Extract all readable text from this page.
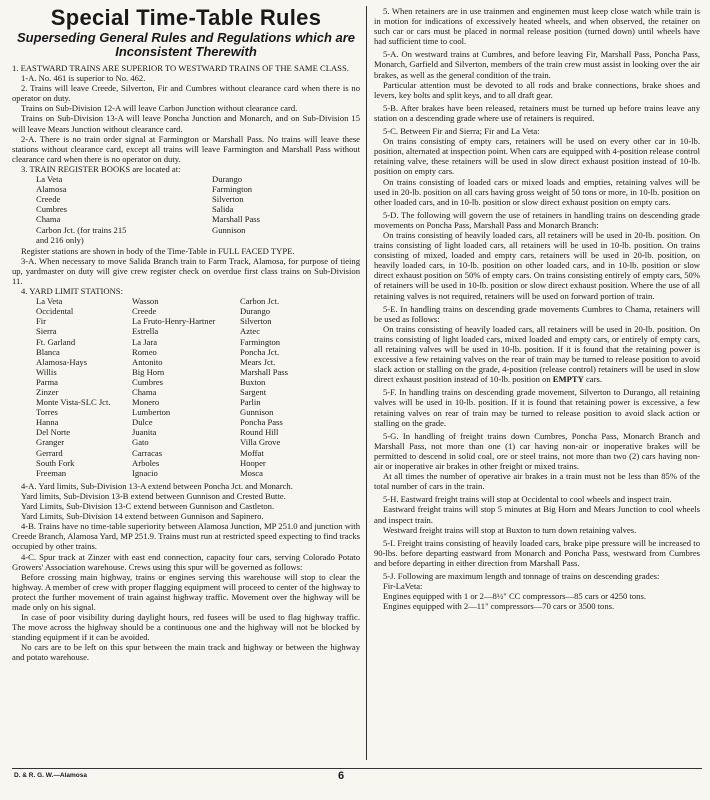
Special Time-Table Rules
Superseding General Rules and Regulations which are Inconsistent Therewith

1. EASTWARD TRAINS ARE SUPERIOR TO WESTWARD TRAINS OF THE SAME CLASS.

1-A. No. 461 is superior to No. 462.

2. Trains will leave Creede, Silverton, Fir and Cumbres without clearance card when there is no operator on duty.

Trains on Sub-Division 12-A will leave Carbon Junction without clearance card.

Trains on Sub-Division 13-A will leave Poncha Junction and Monarch, and on Sub-Division 15 will leave Mears Junction without clearance card.

2-A. There is no train order signal at Farmington or Marshall Pass. No trains will leave these stations without clearance card, except all trains will leave Farmington and Marshall Pass without clearance card when there is no operator on duty.

3. TRAIN REGISTER BOOKS are located at:

La Veta	Durango
Alamosa	Farmington
Creede	Silverton
Cumbres	Salida
Chama	Marshall Pass
Carbon Jct. (for trains 215	Gunnison
and 216 only)	

Register stations are shown in body of the Time-Table in FULL FACED TYPE.

3-A. When necessary to move Salida Branch train to Farm Track, Alamosa, for purpose of tieing up, yardmaster on duty will give crew register check on overdue first class trains on Sub-Division 11.

4. YARD LIMIT STATIONS:

La Veta	Wasson	Carbon Jct.
Occidental	Creede	Durango
Fir	La Fruto-Henry-Hartner	Silverton
Sierra	Estrella	Aztec
Ft. Garland	La Jara	Farmington
Blanca	Romeo	Poncha Jct.
Alamosa-Hays	Antonito	Mears Jct.
Willis	Big Horn	Marshall Pass
Parma	Cumbres	Buxton
Zinzer	Chama	Sargent
Monte Vista-SLC Jct.	Monero	Parlin
Torres	Lumberton	Gunnison
Hanna	Dulce	Poncha Pass
Del Norte	Juanita	Round Hill
Granger	Gato	Villa Grove
Gerrard	Carracas	Moffat
South Fork	Arboles	Hooper
Freeman	Ignacio	Mosca

4-A. Yard limits, Sub-Division 13-A extend between Poncha Jct. and Monarch.

Yard limits, Sub-Division 13-B extend between Gunnison and Crested Butte.

Yard Limits, Sub-Division 13-C extend between Gunnison and Castleton.

Yard Limits, Sub-Division 14 extend between Gunnison and Sapinero.

4-B. Trains have no time-table superiority between Alamosa Junction, MP 251.0 and junction with Creede Branch, Alamosa Yard, MP 251.9. Trains must run at restricted speed expecting to find tracks occupied by other trains.

4-C. Spur track at Zinzer with east end connection, capacity four cars, serving Colorado Potato Growers' Association warehouse. Crews using this spur will be governed as follows:

Before crossing main highway, trains or engines serving this warehouse will stop to clear the highway. A member of crew with proper flagging equipment will proceed to center of the highway to protect the further movement of train against highway traffic. Movement over the highway will be made only on his signal.

In case of poor visibility during daylight hours, red fusees will be used to flag highway traffic. The move across the highway should be a continuous one and the highway will not be blocked by standing equipment if it can be avoided.

No cars are to be left on this spur between the main track and highway or between the highway and potato warehouse.

5. When retainers are in use trainmen and enginemen must keep close watch while train is in motion for indications of excessively heated wheels, and when observed, the retainer on such car or cars must be placed in normal release position (turned down) until wheels have had sufficient time to cool.

5-A. On westward trains at Cumbres, and before leaving Fir, Marshall Pass, Poncha Pass, Monarch, Garfield and Silverton, members of the train crew must assist in looking over the air brakes, as well as the general condition of the train.

Particular attention must be devoted to all rods and brake connections, brake shoes and levers, key bolts and split keys, and to all draft gear.

5-B. After brakes have been released, retainers must be turned up before trains leave any station on a descending grade where use of retainers is required.

5-C. Between Fir and Sierra; Fir and La Veta:

On trains consisting of empty cars, retainers will be used on every other car in 10-lb. position, alternated at inspection point. When cars are equipped with 4-position release control retaining valve, these retainers will be used in slow direct exhaust position instead of 10-lb. position on empty cars.

On trains consisting of loaded cars or mixed loads and empties, retaining valves will be used in 20-lb. position on all cars having gross weight of 50 tons or more, in 10-lb. position on other loaded cars, and in 10-lb. position or slow direct exhaust position on empty cars.

5-D. The following will govern the use of retainers in handling trains on descending grade movements on Poncha Pass, Marshall Pass and Monarch Branch:

On trains consisting of heavily loaded cars, all retainers will be used in 20-lb. position. On trains consisting of light loaded cars, all retainers will be used in 10-lb. position. On trains consisting of mixed, loaded and empty cars, retainers will be used in 20-lb. position, on heavily loaded cars, in 10-lb. position on other loaded cars, and in 10-lb. position or slow direct exhaust position on 50% of empty cars. On trains consisting entirely of empty cars, 50% of retainers will be used in 10-lb. position or slow direct exhaust position. Where the use of all retaining valves is not required, retainers will be used on forward portion of train.

5-E. In handling trains on descending grade movements Cumbres to Chama, retainers will be used as follows:

On trains consisting of heavily loaded cars, all retainers will be used in 20-lb. position. On trains consisting of light loaded cars, mixed loaded and empty cars, or entirely of empty cars, all retaining valves will be used in 10-lb. position. If it is found that the retaining power is excessive a few retaining valves on the rear of train may be turned to release position to avoid slack action or stalling on the grade, 4-position (release control) retainers will be used in slow direct exhaust position instead of 10-lb. position on EMPTY cars.

5-F. In handling trains on descending grade movement, Silverton to Durango, all retaining valves will be used in 10-lb. position. If it is found that retaining power is excessive, a few retaining valves on rear of train may be turned to release position to avoid slack action or stalling on the grade.

5-G. In handling of freight trains down Cumbres, Poncha Pass, Monarch Branch and Marshall Pass, not more than one (1) car having non-air or inoperative brakes will be permitted to descend in solid coal, ore or steel trains, not more than two (2) cars having non-air or inoperative air brakes in other freight or mixed trains.

At all times the number of operative air brakes in a train must not be less than 85% of the total number of cars in the train.

5-H. Eastward freight trains will stop at Occidental to cool wheels and inspect train.

Eastward freight trains will stop 5 minutes at Big Horn and Mears Junction to cool wheels and inspect train.

Westward freight trains will stop at Buxton to turn down retaining valves.

5-I. Freight trains consisting of heavily loaded cars, brake pipe pressure will be increased to 90-lbs. before departing eastward from Monarch and Poncha Pass, westward from Cumbres and before departing in either direction from Marshall Pass.

5-J. Following are maximum length and tonnage of trains on descending grades:

Fir-LaVeta:

Engines equipped with 1 or 2—8½" CC compressors—85 cars or 4250 tons.

Engines equipped with 2—11" compressors—70 cars or 3500 tons.

D. & R. G. W.—Alamosa	6
